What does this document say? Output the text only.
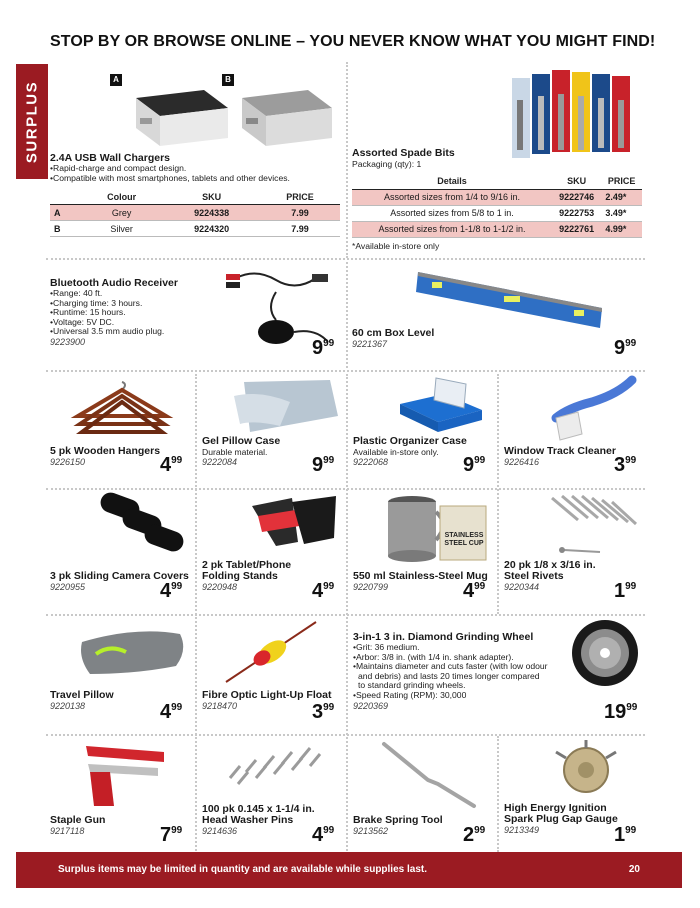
STOP BY OR BROWSE ONLINE – YOU NEVER KNOW WHAT YOU MIGHT FIND!
SURPLUS
A	B
2.4A USB Wall Chargers
•Rapid-charge and compact design.
•Compatible with most smartphones, tablets and other devices.
	Colour	SKU	PRICE
A	Grey	9224338	7.99
B	Silver	9224320	7.99
Assorted Spade Bits
Packaging (qty): 1
Details	SKU	PRICE
Assorted sizes from 1/4 to 9/16 in.	9222746	2.49*
Assorted sizes from 5/8 to 1 in.	9222753	3.49*
Assorted sizes from 1-1/8 to 1-1/2 in.	9222761	4.99*
*Available in-store only
Bluetooth Audio Receiver
•Range: 40 ft.
•Charging time: 3 hours.
•Runtime: 15 hours.
•Voltage: 5V DC.
•Universal 3.5 mm audio plug.
9223900	$9^{99}$
60 cm Box Level
9221367	$9^{99}$
5 pk Wooden Hangers
9226150	$4^{99}$
Gel Pillow Case
Durable material.
9222084	$9^{99}$
Plastic Organizer Case
Available in-store only.
9222068	$9^{99}$
Window Track Cleaner
9226416	$3^{99}$
3 pk Sliding Camera Covers
9220955	$4^{99}$
2 pk Tablet/Phone
Folding Stands
9220948	$4^{99}$
STAINLESS
STEEL CUP
550 ml Stainless-Steel Mug
9220799	$4^{99}$
20 pk 1/8 x 3/16 in.
Steel Rivets
9220344	$1^{99}$
Travel Pillow
9220138	$4^{99}$
Fibre Optic Light-Up Float
9218470	$3^{99}$
3-in-1 3 in. Diamond Grinding Wheel
•Grit: 36 medium.
•Arbor: 3/8 in. (with 1/4 in. shank adapter).
•Maintains diameter and cuts faster (with low odour
and debris) and lasts 20 times longer compared
to standard grinding wheels.
•Speed Rating (RPM): 30,000
9220369	$19^{99}$
Staple Gun
9217118	$7^{99}$
100 pk 0.145 x 1-1/4 in.
Head Washer Pins
9214636	$4^{99}$
Brake Spring Tool
9213562	$2^{99}$
High Energy Ignition
Spark Plug Gap Gauge
9213349	$1^{99}$
Surplus items may be limited in quantity and are available while supplies last.	20
